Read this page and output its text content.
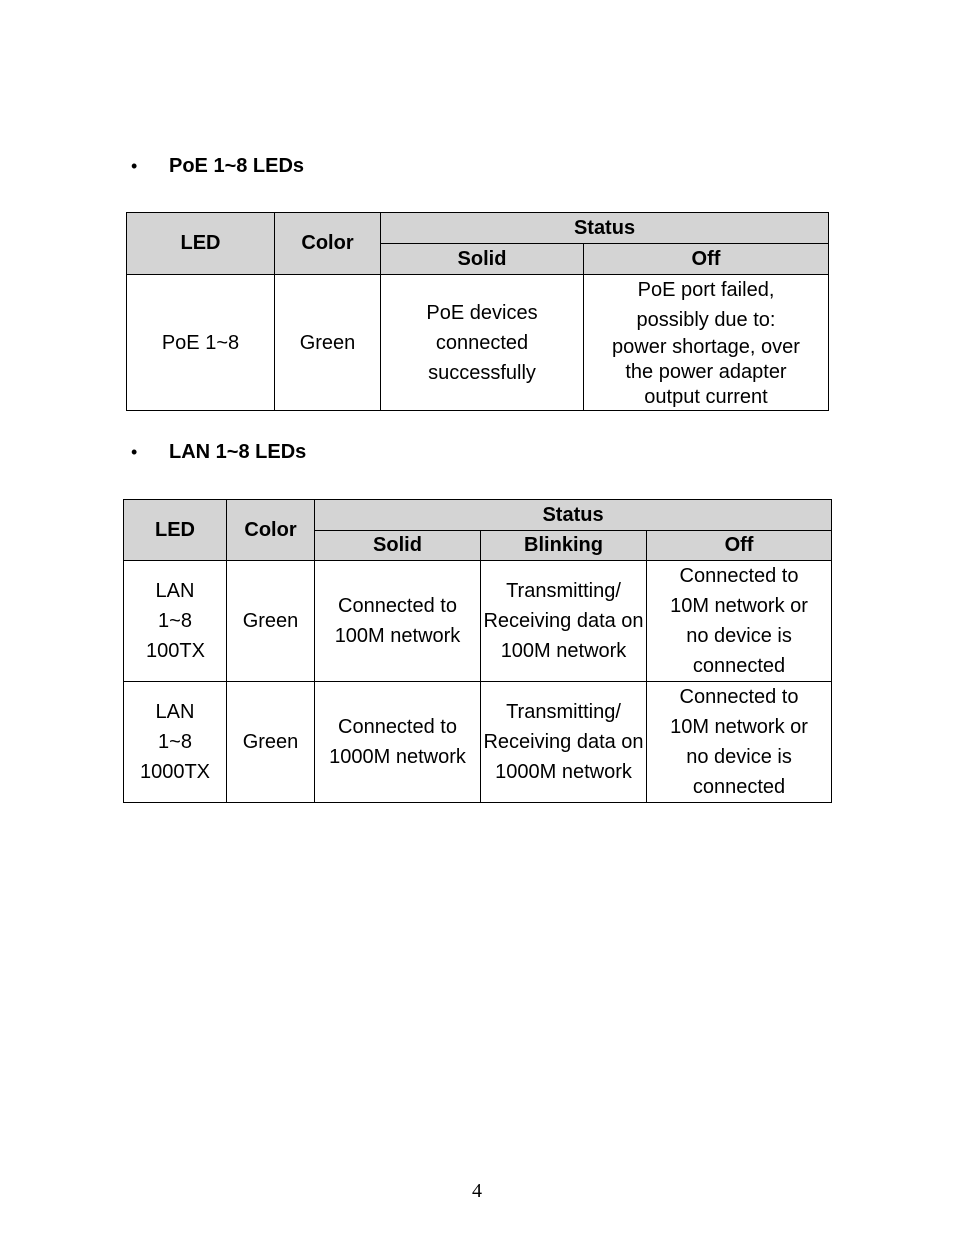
• PoE 1~8 LEDs
LED	Color	Status	
		Solid	Off
PoE 1~8	Green	PoE devices connected successfully	PoE port failed,
possibly due to:
power shortage, over the power adapter output current
• LAN 1~8 LEDs
LED	Color	Status		
		Solid	Blinking	Off
LAN 1~8 100TX	Green	Connected to 100M network	Transmitting/ Receiving data on 100M network	Connected to 10M network or no device is connected
LAN 1~8 1000TX	Green	Connected to 1000M network	Transmitting/ Receiving data on 1000M network	Connected to 10M network or no device is connected
4
